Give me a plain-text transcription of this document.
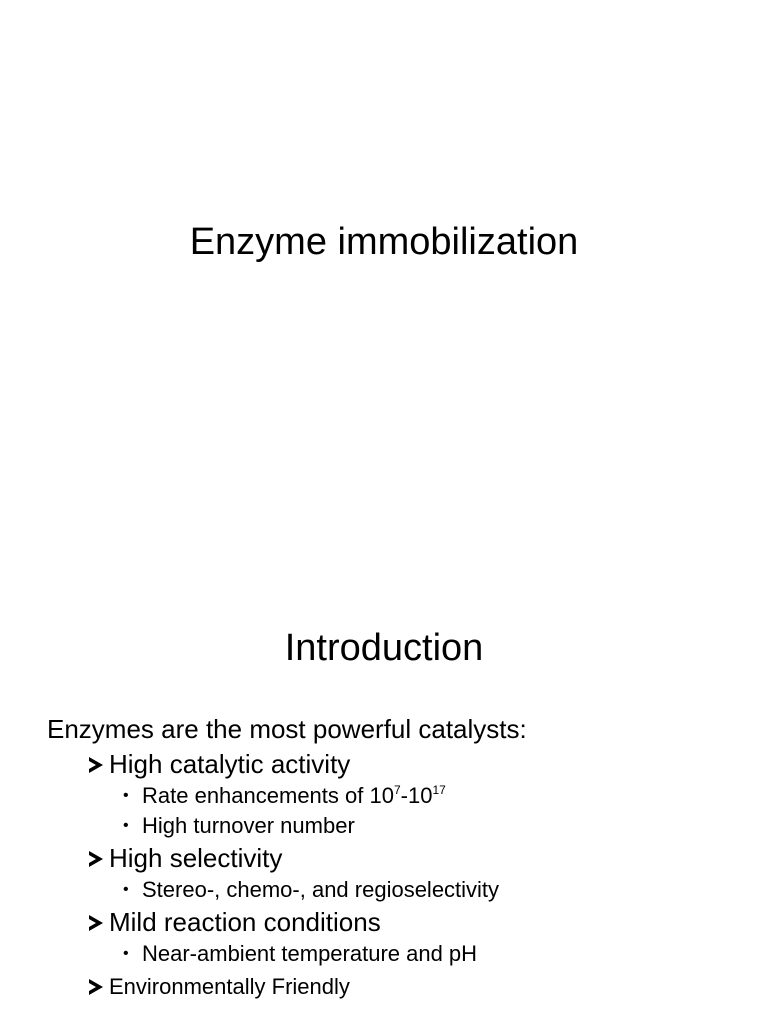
Enzyme immobilization
Introduction
Enzymes are the most powerful catalysts:
High catalytic activity
• Rate enhancements of $10^7-10^{17}$
• High turnover number
High selectivity
• Stereo-, chemo-, and regioselectivity
Mild reaction conditions
• Near-ambient temperature and pH
Environmentally Friendly
